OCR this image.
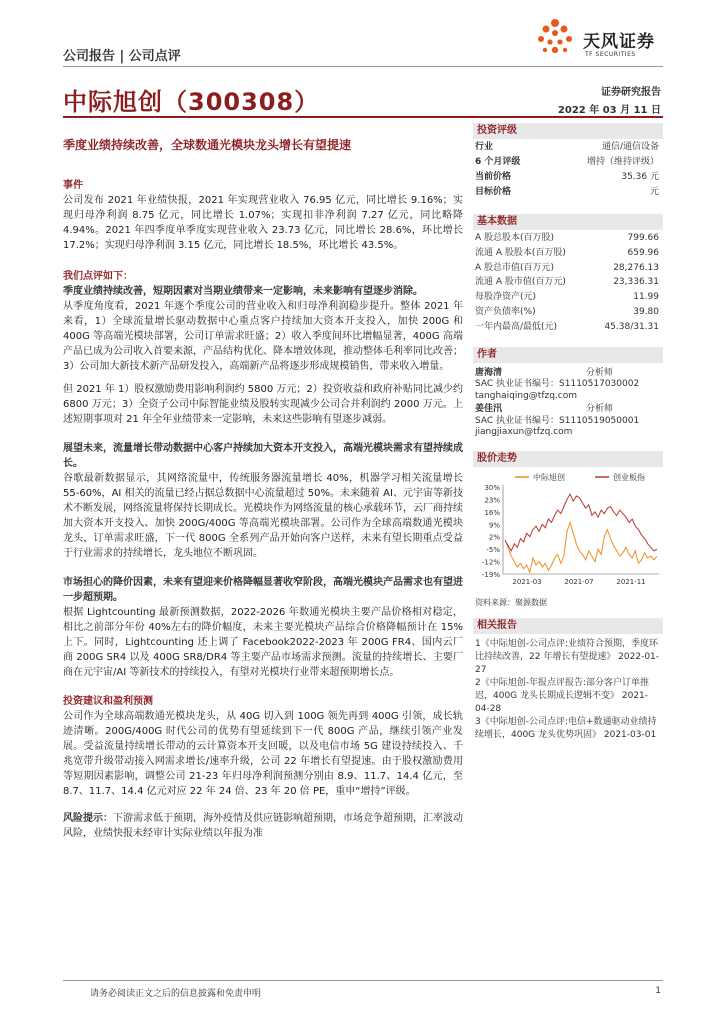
公司报告 | 公司点评
天风证券
TF SECURITIES
中际旭创（300308）	证券研究报告
2022 年 03 月 11 日
季度业绩持续改善，全球数通光模块龙头增长有望提速
事件

公司发布 2021 年业绩快报，2021 年实现营业收入 76.95 亿元，同比增长 9.16%；实现归母净利润 8.75 亿元，同比增长 1.07%；实现扣非净利润 7.27 亿元，同比略降 4.94%。2021 年四季度单季度实现营业收入 23.73 亿元，同比增长 28.6%，环比增长 17.2%；实现归母净利润 3.15 亿元，同比增长 18.5%，环比增长 43.5%。

我们点评如下：
季度业绩持续改善，短期因素对当期业绩带来一定影响，未来影响有望逐步消除。

从季度角度看，2021 年逐个季度公司的营业收入和归母净利润稳步提升。整体 2021 年来看，1）全球流量增长驱动数据中心重点客户持续加大资本开支投入，加快 200G 和 400G 等高端光模块部署，公司订单需求旺盛；2）收入季度间环比增幅显著，400G 高端产品已成为公司收入首要来源，产品结构优化、降本增效体现，推动整体毛利率同比改善；3）公司加大新技术新产品研发投入，高端新产品将逐步形成规模销售，带来收入增量。

但 2021 年 1）股权激励费用影响利润约 5800 万元；2）投资收益和政府补贴同比减少约 6800 万元；3）全资子公司中际智能业绩及股转实现减少公司合并利润约 2000 万元。上述短期事项对 21 年全年业绩带来一定影响，未来这些影响有望逐步减弱。

展望未来，流量增长带动数据中心客户持续加大资本开支投入，高端光模块需求有望持续成长。

谷歌最新数据显示，其网络流量中，传统服务器流量增长 40%，机器学习相关流量增长 55-60%，AI 相关的流量已经占据总数据中心流量超过 50%。未来随着 AI、元宇宙等新技术不断发展，网络流量将保持长期成长。光模块作为网络流量的核心承载环节，云厂商持续加大资本开支投入、加快 200G/400G 等高端光模块部署。公司作为全球高端数通光模块龙头，订单需求旺盛，下一代 800G 全系列产品开始向客户送样，未来有望长期重点受益于行业需求的持续增长，龙头地位不断巩固。

市场担心的降价因素，未来有望迎来价格降幅显著收窄阶段，高端光模块产品需求也有望进一步超预期。

根据 Lightcounting 最新预测数据，2022-2026 年数通光模块主要产品价格相对稳定，相比之前部分年份 40%左右的降价幅度，未来主要光模块产品综合价格降幅预计在 15%上下。同时，Lightcounting 还上调了 Facebook2022-2023 年 200G FR4、国内云厂商 200G SR4 以及 400G SR8/DR4 等主要产品市场需求预测。流量的持续增长、主要厂商在元宇宙/AI 等新技术的持续投入，有望对光模块行业带来超预期增长点。

投资建议和盈利预测

公司作为全球高端数通光模块龙头，从 40G 切入到 100G 领先再到 400G 引领，成长轨迹清晰。200G/400G 时代公司的优势有望延续到下一代 800G 产品，继续引领产业发展。受益流量持续增长带动的云计算资本开支回暖，以及电信市场 5G 建设持续投入、千兆宽带升级带动接入网需求增长/速率升级，公司 22 年增长有望提速。由于股权激励费用等短期因素影响，调整公司 21-23 年归母净利润预测分别由 8.9、11.7、14.4 亿元，至 8.7、11.7、14.4 亿元对应 22 年 24 倍、23 年 20 倍 PE，重申“增持”评级。

风险提示：下游需求低于预期，海外疫情及供应链影响超预期，市场竞争超预期，汇率波动风险，业绩快报未经审计实际业绩以年报为准

投资评级
行业	通信/通信设备
6 个月评级	增持（维持评级）
当前价格	35.36 元
目标价格	元
基本数据
A 股总股本(百万股)	799.66
流通 A 股股本(百万股)	659.96
A 股总市值(百万元)	28,276.13
流通 A 股市值(百万元)	23,336.31
每股净资产(元)	11.99
资产负债率(%)	39.80
一年内最高/最低(元)	45.38/31.31
作者
唐海清	分析师
SAC 执业证书编号：S1110517030002
tanghaiqing@tfzq.com
姜佳汛	分析师
SAC 执业证书编号：S1110519050001
jiangjiaxun@tfzq.com
股价走势
中际旭创	创业板指
30%
23%
16%
9%
2%
-5%
-12%
-19%
2021-03	2021-07	2021-11
资料来源：聚源数据
相关报告
1《中际旭创-公司点评:业绩符合预期，季度环比持续改善，22 年增长有望提速》 2022-01-27
2《中际旭创-年报点评报告:部分客户订单推迟，400G 龙头长期成长逻辑不变》 2021-04-28
3《中际旭创-公司点评:电信+数通驱动业绩持续增长，400G 龙头优势巩固》 2021-03-01
请务必阅读正文之后的信息披露和免责申明	1
